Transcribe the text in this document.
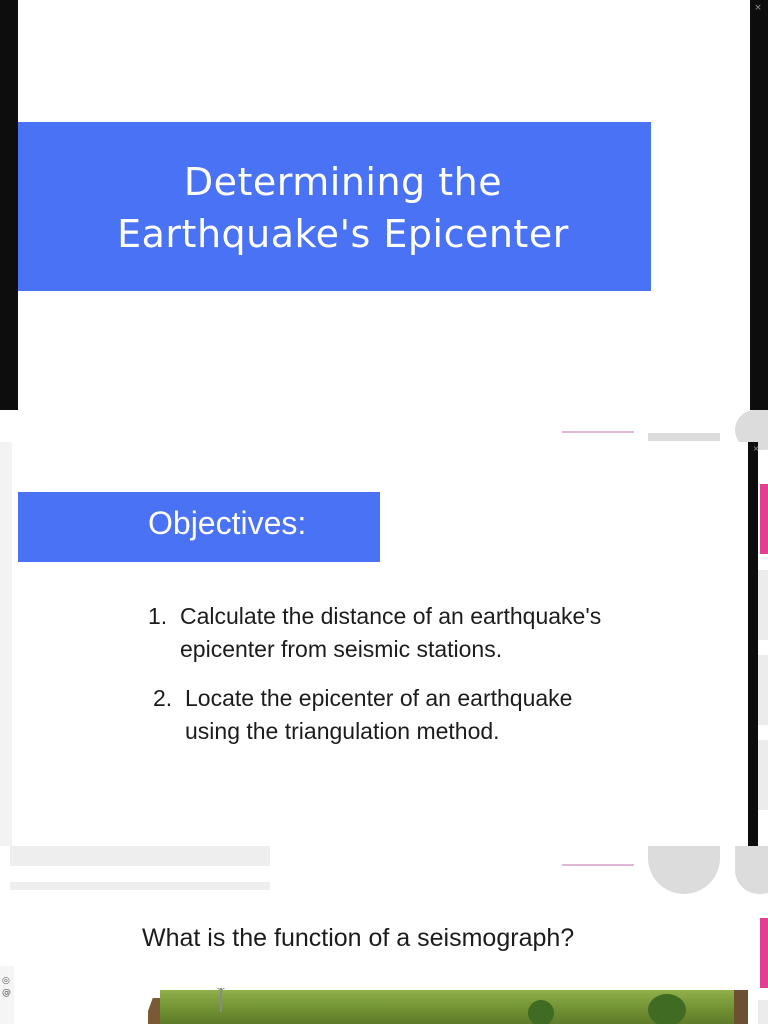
×
Determining the
Earthquake's Epicenter
×
Objectives:
1. Calculate the distance of an earthquake's
epicenter from seismic stations.
2. Locate the epicenter of an earthquake
using the triangulation method.
◎
@
What is the function of a seismograph?
